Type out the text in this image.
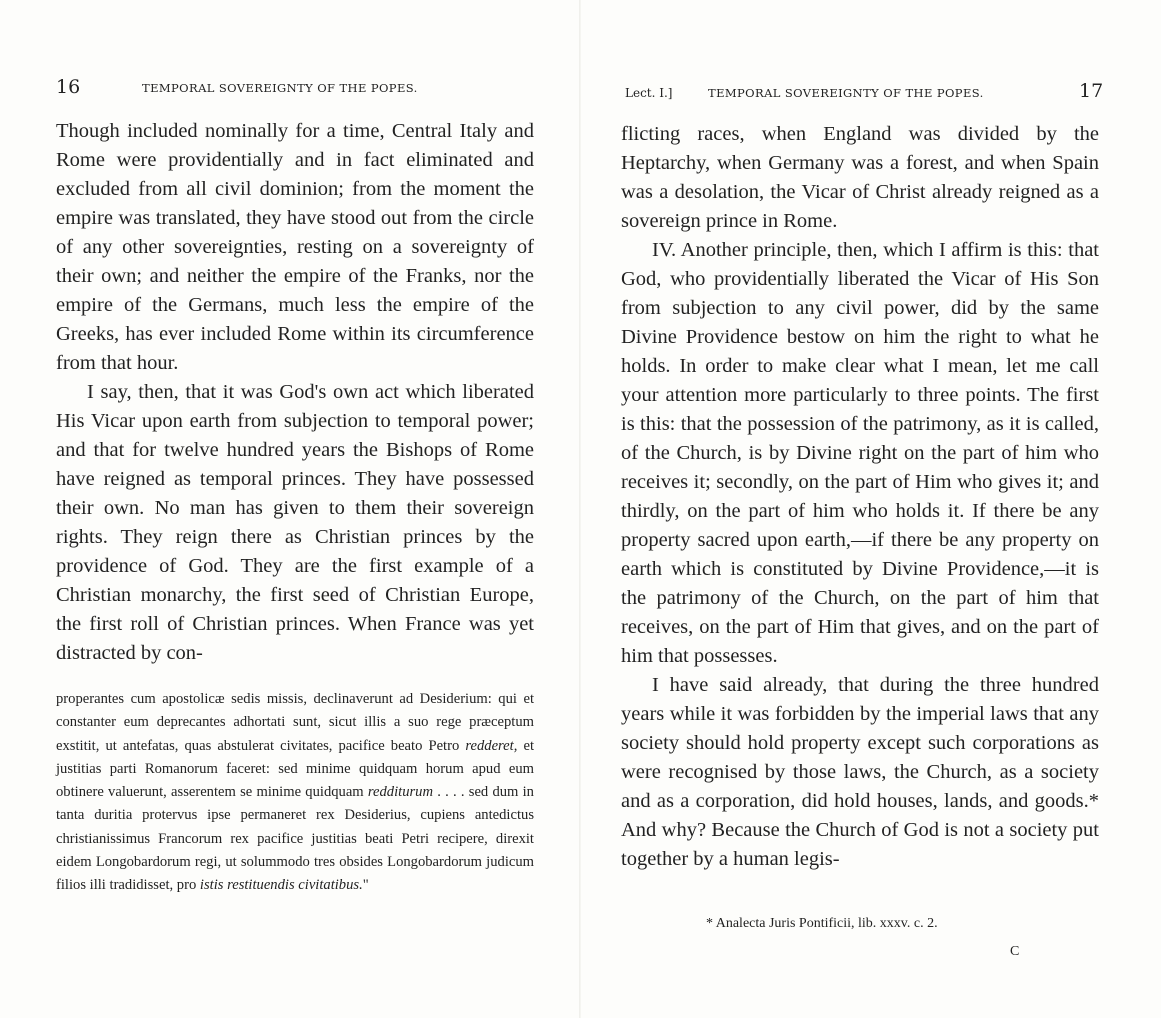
16	TEMPORAL SOVEREIGNTY OF THE POPES.

Though included nominally for a time, Central Italy and Rome were providentially and in fact eliminated and excluded from all civil dominion; from the moment the empire was translated, they have stood out from the circle of any other sovereignties, resting on a sovereignty of their own; and neither the empire of the Franks, nor the empire of the Germans, much less the empire of the Greeks, has ever included Rome within its circumference from that hour.

I say, then, that it was God's own act which liberated His Vicar upon earth from subjection to temporal power; and that for twelve hundred years the Bishops of Rome have reigned as temporal princes. They have possessed their own. No man has given to them their sovereign rights. They reign there as Christian princes by the providence of God. They are the first example of a Christian monarchy, the first seed of Christian Europe, the first roll of Christian princes. When France was yet distracted by con-

properantes cum apostolicæ sedis missis, declinaverunt ad Desiderium: qui et constanter eum deprecantes adhortati sunt, sicut illis a suo rege præceptum exstitit, ut antefatas, quas abstulerat civitates, pacifice beato Petro redderet, et justitias parti Romanorum faceret: sed minime quidquam horum apud eum obtinere valuerunt, asserentem se minime quidquam redditurum . . . . sed dum in tanta duritia protervus ipse permaneret rex Desiderius, cupiens antedictus christianissimus Francorum rex pacifice justitias beati Petri recipere, direxit eidem Longobardorum regi, ut solummodo tres obsides Longobardorum judicum filios illi tradidisset, pro istis restituendis civitatibus."
Lect. I.]	TEMPORAL SOVEREIGNTY OF THE POPES.	17

flicting races, when England was divided by the Heptarchy, when Germany was a forest, and when Spain was a desolation, the Vicar of Christ already reigned as a sovereign prince in Rome.

IV. Another principle, then, which I affirm is this: that God, who providentially liberated the Vicar of His Son from subjection to any civil power, did by the same Divine Providence bestow on him the right to what he holds. In order to make clear what I mean, let me call your attention more particularly to three points. The first is this: that the possession of the patrimony, as it is called, of the Church, is by Divine right on the part of him who receives it; secondly, on the part of Him who gives it; and thirdly, on the part of him who holds it. If there be any property sacred upon earth,—if there be any property on earth which is constituted by Divine Providence,—it is the patrimony of the Church, on the part of him that receives, on the part of Him that gives, and on the part of him that possesses.

I have said already, that during the three hundred years while it was forbidden by the imperial laws that any society should hold property except such corporations as were recognised by those laws, the Church, as a society and as a corporation, did hold houses, lands, and goods.* And why? Because the Church of God is not a society put together by a human legis-

* Analecta Juris Pontificii, lib. xxxv. c. 2.
C
